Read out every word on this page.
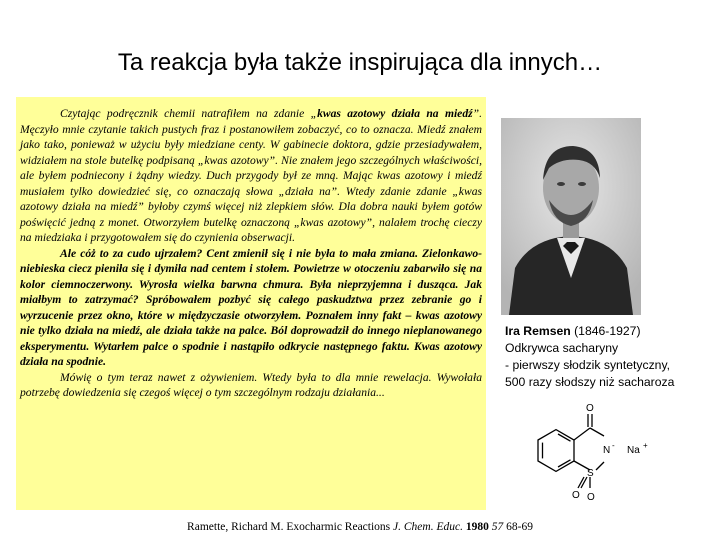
Ta reakcja była także inspirująca dla innych…

Czytając podręcznik chemii natrafiłem na zdanie „kwas azotowy działa na miedź”. Męczyło mnie czytanie takich pustych fraz i postanowiłem zobaczyć, co to oznacza. Miedź znałem jako tako, ponieważ w użyciu były miedziane centy. W gabinecie doktora, gdzie przesiadywałem, widziałem na stole butelkę podpisaną „kwas azotowy”. Nie znałem jego szczególnych właściwości, ale byłem podniecony i żądny wiedzy. Duch przygody był ze mną. Mając kwas azotowy i miedź musiałem tylko dowiedzieć się, co oznaczają słowa „działa na”. Wtedy zdanie zdanie „kwas azotowy działa na miedź” byłoby czymś więcej niż zlepkiem słów. Dla dobra nauki byłem gotów poświęcić jedną z monet. Otworzyłem butelkę oznaczoną „kwas azotowy”, nalałem trochę cieczy na miedziaka i przygotowałem się do czynienia obserwacji.

Ale cóż to za cudo ujrzałem? Cent zmienił się i nie była to mała zmiana. Zielonkawo-niebieska ciecz pieniła się i dymiła nad centem i stołem. Powietrze w otoczeniu zabarwiło się na kolor ciemnoczerwony. Wyrosła wielka barwna chmura. Była nieprzyjemna i dusząca. Jak miałbym to zatrzymać? Spróbowałem pozbyć się całego paskudztwa przez zebranie go i wyrzucenie przez okno, które w międzyczasie otworzyłem. Poznałem inny fakt – kwas azotowy nie tylko działa na miedź, ale działa także na palce. Ból doprowadził do innego nieplanowanego eksperymentu. Wytarłem palce o spodnie i nastąpiło odkrycie następnego faktu. Kwas azotowy działa na spodnie.

Mówię o tym teraz nawet z ożywieniem. Wtedy była to dla mnie rewelacja. Wywołała potrzebę dowiedzenia się czegoś więcej o tym szczególnym rodzaju działania...

Ira Remsen (1846-1927)
Odkrywca sacharyny
- pierwszy słodzik syntetyczny,
500 razy słodszy niż sacharoza
O
N - Na +
S
O O
Ramette, Richard M. Exocharmic Reactions J. Chem. Educ. 1980 57 68-69
